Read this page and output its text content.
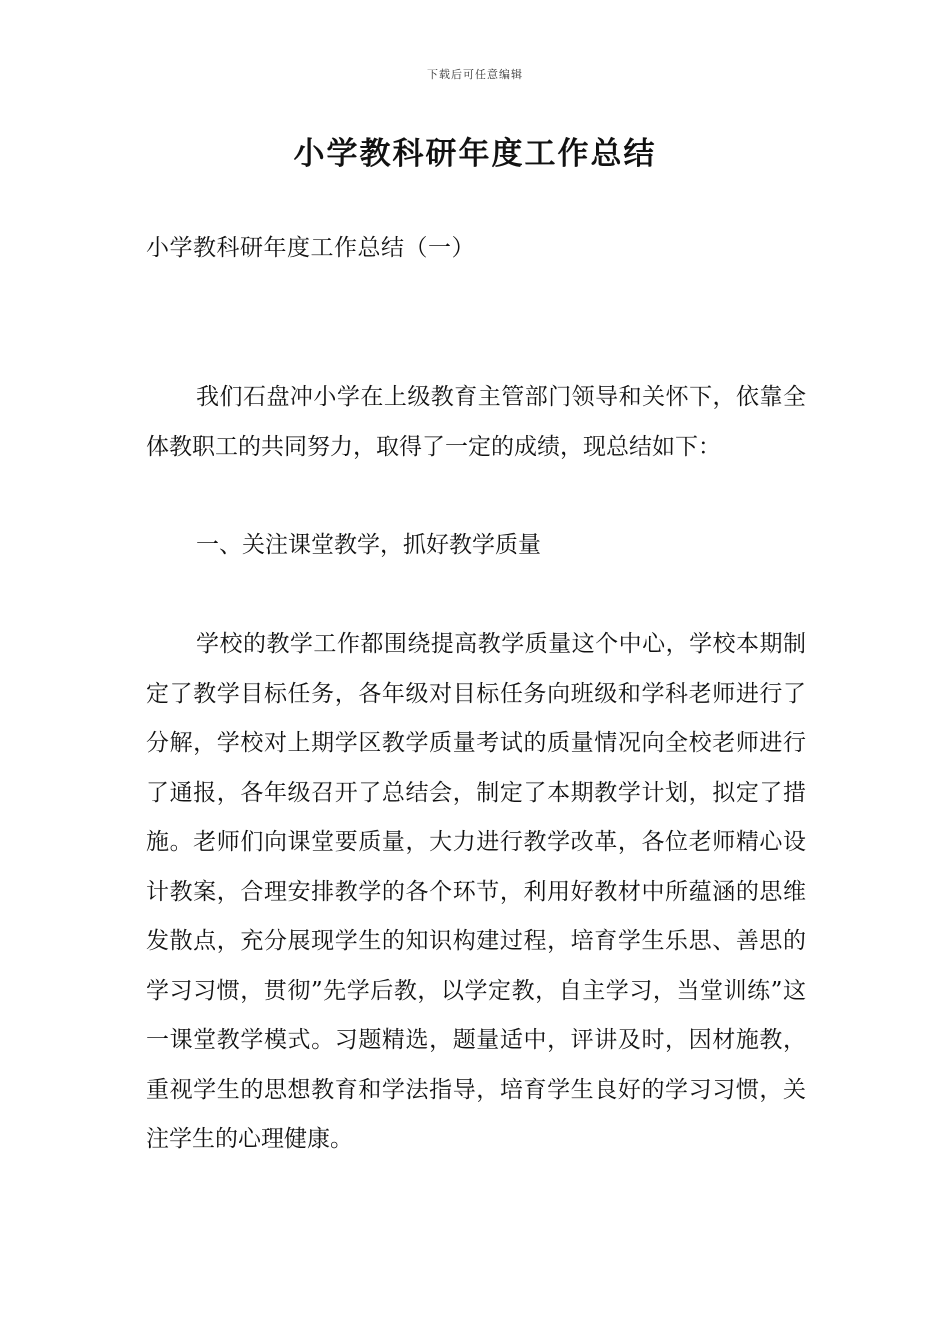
下载后可任意编辑
小学教科研年度工作总结
小学教科研年度工作总结（一）

我们石盘冲小学在上级教育主管部门领导和关怀下，依靠全体教职工的共同努力，取得了一定的成绩，现总结如下：

一、关注课堂教学，抓好教学质量

学校的教学工作都围绕提高教学质量这个中心，学校本期制定了教学目标任务，各年级对目标任务向班级和学科老师进行了分解，学校对上期学区教学质量考试的质量情况向全校老师进行了通报，各年级召开了总结会，制定了本期教学计划，拟定了措施。老师们向课堂要质量，大力进行教学改革，各位老师精心设计教案，合理安排教学的各个环节，利用好教材中所蕴涵的思维发散点，充分展现学生的知识构建过程，培育学生乐思、善思的学习习惯，贯彻”先学后教，以学定教，自主学习，当堂训练”这一课堂教学模式。习题精选，题量适中，评讲及时，因材施教，重视学生的思想教育和学法指导，培育学生良好的学习习惯，关注学生的心理健康。
